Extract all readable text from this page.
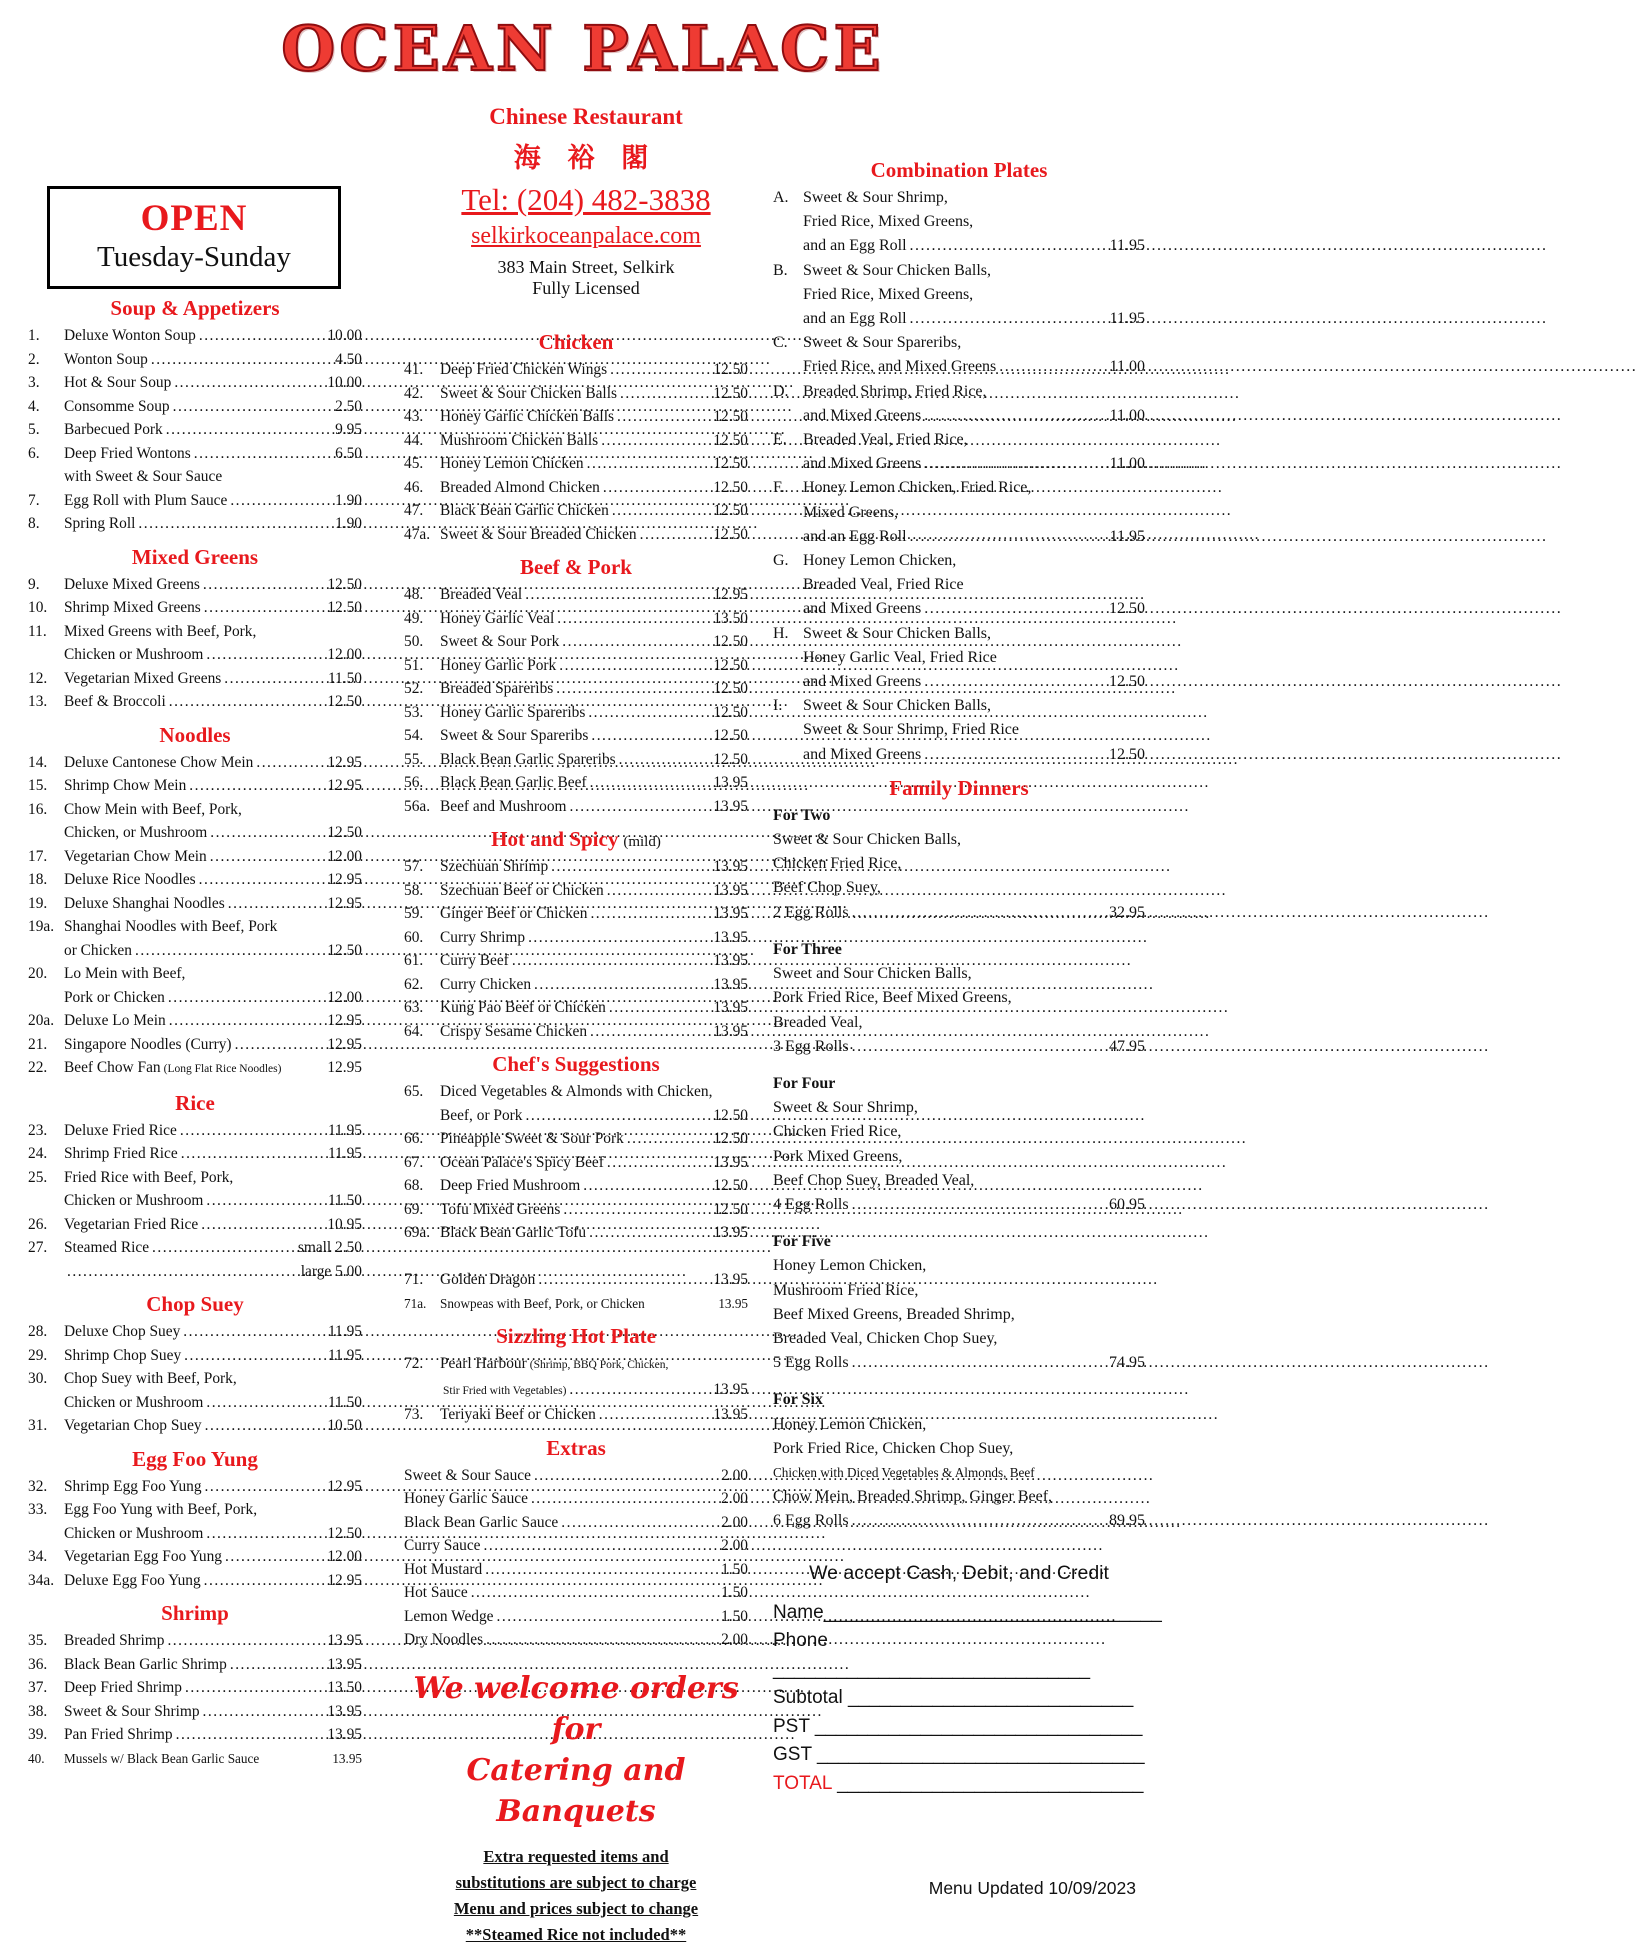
OCEAN PALACE
Chinese Restaurant
海 裕 閣
Tel: (204) 482-3838
selkirkoceanpalace.com
383 Main Street, Selkirk
Fully Licensed
OPEN
Tuesday-Sunday
Soup & Appetizers
1.	Deluxe Wonton Soup .....	10.00
2.	Wonton Soup .....	4.50
3.	Hot & Sour Soup .....	10.00
4.	Consomme Soup .....	2.50
5.	Barbecued Pork .....	9.95
6.	Deep Fried Wontons .....	6.50
with Sweet & Sour Sauce
7.	Egg Roll with Plum Sauce .....	1.90
8.	Spring Roll .....	1.90
Mixed Greens
9.	Deluxe Mixed Greens .....	12.50
10.	Shrimp Mixed Greens .....	12.50
11.	Mixed Greens with Beef, Pork,
Chicken or Mushroom .....	12.00
12.	Vegetarian Mixed Greens .....	11.50
13.	Beef & Broccoli .....	12.50
Noodles
14.	Deluxe Cantonese Chow Mein .....	12.95
15.	Shrimp Chow Mein .....	12.95
16.	Chow Mein with Beef, Pork,
Chicken, or Mushroom .....	12.50
17.	Vegetarian Chow Mein .....	12.00
18.	Deluxe Rice Noodles .....	12.95
19.	Deluxe Shanghai Noodles .....	12.95
19a. Shanghai Noodles with Beef, Pork
or Chicken .....	12.50
20.	Lo Mein with Beef,
Pork or Chicken .....	12.00
20a. Deluxe Lo Mein .....	12.95
21.	Singapore Noodles (Curry) .....	12.95
22.	Beef Chow Fan (Long Flat Rice Noodles)	12.95
Rice
23.	Deluxe Fried Rice .....	11.95
24.	Shrimp Fried Rice .....	11.95
25.	Fried Rice with Beef, Pork,
Chicken or Mushroom .....	11.50
26.	Vegetarian Fried Rice .....	10.95
27.	Steamed Rice .....	small 2.50
.....
large 5.00
Chop Suey
28.	Deluxe Chop Suey .....	11.95
29.	Shrimp Chop Suey .....	11.95
30.	Chop Suey with Beef, Pork,
Chicken or Mushroom .....	11.50
31.	Vegetarian Chop Suey .....	10.50
Egg Foo Yung
32.	Shrimp Egg Foo Yung .....	12.95
33.	Egg Foo Yung with Beef, Pork,
Chicken or Mushroom .....	12.50
34.	Vegetarian Egg Foo Yung .....	12.00
34a. Deluxe Egg Foo Yung .....	12.95
Shrimp
35.	Breaded Shrimp .....	13.95
36.	Black Bean Garlic Shrimp .....	13.95
37.	Deep Fried Shrimp .....	13.50
38.	Sweet & Sour Shrimp .....	13.95
39.	Pan Fried Shrimp .....	13.95
40.	Mussels w/ Black Bean Garlic Sauce	13.95
Chicken
41.	Deep Fried Chicken Wings .....	12.50
42.	Sweet & Sour Chicken Balls .....	12.50
43.	Honey Garlic Chicken Balls .....	12.50
44.	Mushroom Chicken Balls .....	12.50
45.	Honey Lemon Chicken .....	12.50
46.	Breaded Almond Chicken .....	12.50
47.	Black Bean Garlic Chicken .....	12.50
47a. Sweet & Sour Breaded Chicken .....	12.50
Beef & Pork
48.	Breaded Veal .....	12.95
49.	Honey Garlic Veal .....	13.50
50.	Sweet & Sour Pork .....	12.50
51.	Honey Garlic Pork .....	12.50
52.	Breaded Spareribs .....	12.50
53.	Honey Garlic Spareribs .....	12.50
54.	Sweet & Sour Spareribs .....	12.50
55.	Black Bean Garlic Spareribs .....	12.50
56.	Black Bean Garlic Beef .....	13.95
56a. Beef and Mushroom .....	13.95
Hot and Spicy (mild)
57.	Szechuan Shrimp .....	13.95
58.	Szechuan Beef or Chicken .....	13.95
59.	Ginger Beef or Chicken .....	13.95
60.	Curry Shrimp .....	13.95
61.	Curry Beef .....	13.95
62.	Curry Chicken .....	13.95
63.	Kung Pao Beef or Chicken .....	13.95
64.	Crispy Sesame Chicken .....	13.95
Chef's Suggestions
65.	Diced Vegetables & Almonds with Chicken,
Beef, or Pork .....	12.50
66.	Pineapple Sweet & Sour Pork .....	12.50
67.	Ocean Palace's Spicy Beef .....	13.95
68.	Deep Fried Mushroom .....	12.50
69.	Tofu Mixed Greens .....	12.50
69a. Black Bean Garlic Tofu .....	13.95

71.	Golden Dragon .....	13.95
71a.	Snowpeas with Beef, Pork, or Chicken	13.95
Sizzling Hot Plate
72.	Pearl Harbour (Shrimp, BBQ Pork, Chicken,
Stir Fried with Vegetables) .....	13.95
73.	Teriyaki Beef or Chicken .....	13.95
Extras
Sweet & Sour Sauce .....	2.00
Honey Garlic Sauce .....	2.00
Black Bean Garlic Sauce .....	2.00
Curry Sauce .....	2.00
Hot Mustard .....	1.50
Hot Sauce .....	1.50
Lemon Wedge .....	1.50
Dry Noodles .....	2.00
We welcome orders for
Catering and Banquets
Extra requested items and
substitutions are subject to charge
Menu and prices subject to change
**Steamed Rice not included**
Combination Plates
A. Sweet & Sour Shrimp,
Fried Rice, Mixed Greens,
and an Egg Roll .....	11.95
B. Sweet & Sour Chicken Balls,
Fried Rice, Mixed Greens,
and an Egg Roll .....	11.95
C. Sweet & Sour Spareribs,
Fried Rice, and Mixed Greens .....	11.00
D. Breaded Shrimp, Fried Rice,
and Mixed Greens .....	11.00
E.	Breaded Veal, Fried Rice,
and Mixed Greens .....	11.00
F.	Honey Lemon Chicken, Fried Rice,
Mixed Greens,
and an Egg Roll .....	11.95
G. Honey Lemon Chicken,
Breaded Veal, Fried Rice
and Mixed Greens .....	12.50
H. Sweet & Sour Chicken Balls,
Honey Garlic Veal, Fried Rice
and Mixed Greens .....	12.50
I.	Sweet & Sour Chicken Balls,
Sweet & Sour Shrimp, Fried Rice
and Mixed Greens .....	12.50
Family Dinners
For Two
Sweet & Sour Chicken Balls,
Chicken Fried Rice,
Beef Chop Suey,
2 Egg Rolls .....	32.95
For Three
Sweet and Sour Chicken Balls,
Pork Fried Rice, Beef Mixed Greens,
Breaded Veal,
3 Egg Rolls .....	47.95
For Four
Sweet & Sour Shrimp,
Chicken Fried Rice,
Pork Mixed Greens,
Beef Chop Suey, Breaded Veal,
4 Egg Rolls .....	60.95
For Five
Honey Lemon Chicken,
Mushroom Fried Rice,
Beef Mixed Greens, Breaded Shrimp,
Breaded Veal, Chicken Chop Suey,
5 Egg Rolls .....	74.95
For Six
Honey Lemon Chicken,
Pork Fried Rice, Chicken Chop Suey,
Chicken with Diced Vegetables & Almonds, Beef
Chow Mein, Breaded Shrimp, Ginger Beef,
6 Egg Rolls .....	89.95
We accept Cash, Debit, and Credit
Name________________________________
Phone ______________________________
Subtotal ___________________________
PST _______________________________
GST _______________________________
TOTAL _____________________________
Menu Updated 10/09/2023
